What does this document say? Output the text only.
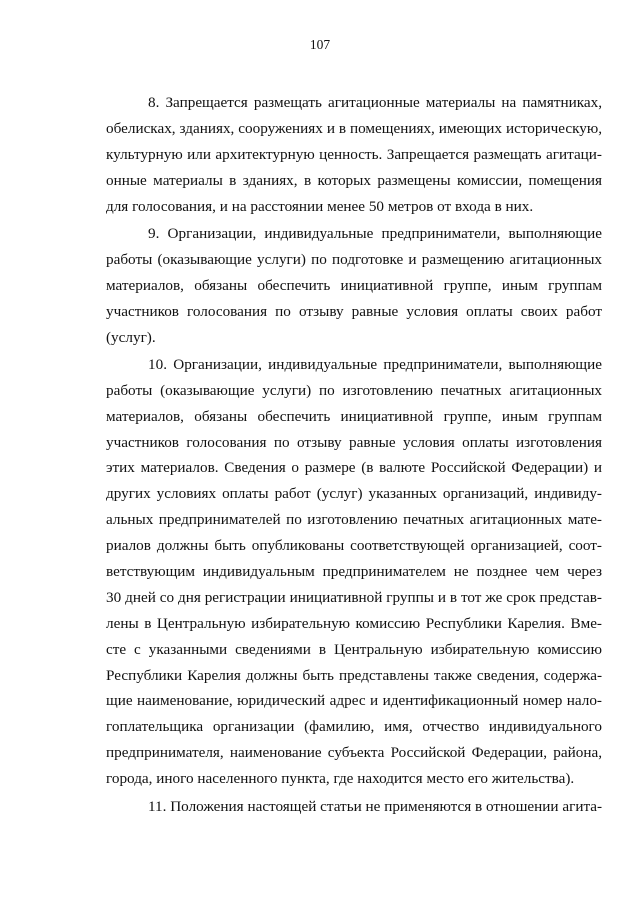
107
8. Запрещается размещать агитационные материалы на памятниках,
обелисках, зданиях, сооружениях и в помещениях, имеющих историческую,
культурную или архитектурную ценность. Запрещается размещать агитаци-
онные материалы в зданиях, в которых размещены комиссии, помещения
для голосования, и на расстоянии менее 50 метров от входа в них.
9. Организации, индивидуальные предприниматели, выполняющие
работы (оказывающие услуги) по подготовке и размещению агитационных
материалов, обязаны обеспечить инициативной группе, иным группам
участников голосования по отзыву равные условия оплаты своих работ
(услуг).
10. Организации, индивидуальные предприниматели, выполняющие
работы (оказывающие услуги) по изготовлению печатных агитационных
материалов, обязаны обеспечить инициативной группе, иным группам
участников голосования по отзыву равные условия оплаты изготовления
этих материалов. Сведения о размере (в валюте Российской Федерации) и
других условиях оплаты работ (услуг) указанных организаций, индивиду-
альных предпринимателей по изготовлению печатных агитационных мате-
риалов должны быть опубликованы соответствующей организацией, соот-
ветствующим индивидуальным предпринимателем не позднее чем через
30 дней со дня регистрации инициативной группы и в тот же срок представ-
лены в Центральную избирательную комиссию Республики Карелия. Вме-
сте с указанными сведениями в Центральную избирательную комиссию
Республики Карелия должны быть представлены также сведения, содержа-
щие наименование, юридический адрес и идентификационный номер нало-
гоплательщика организации (фамилию, имя, отчество индивидуального
предпринимателя, наименование субъекта Российской Федерации, района,
города, иного населенного пункта, где находится место его жительства).
11. Положения настоящей статьи не применяются в отношении агита-
